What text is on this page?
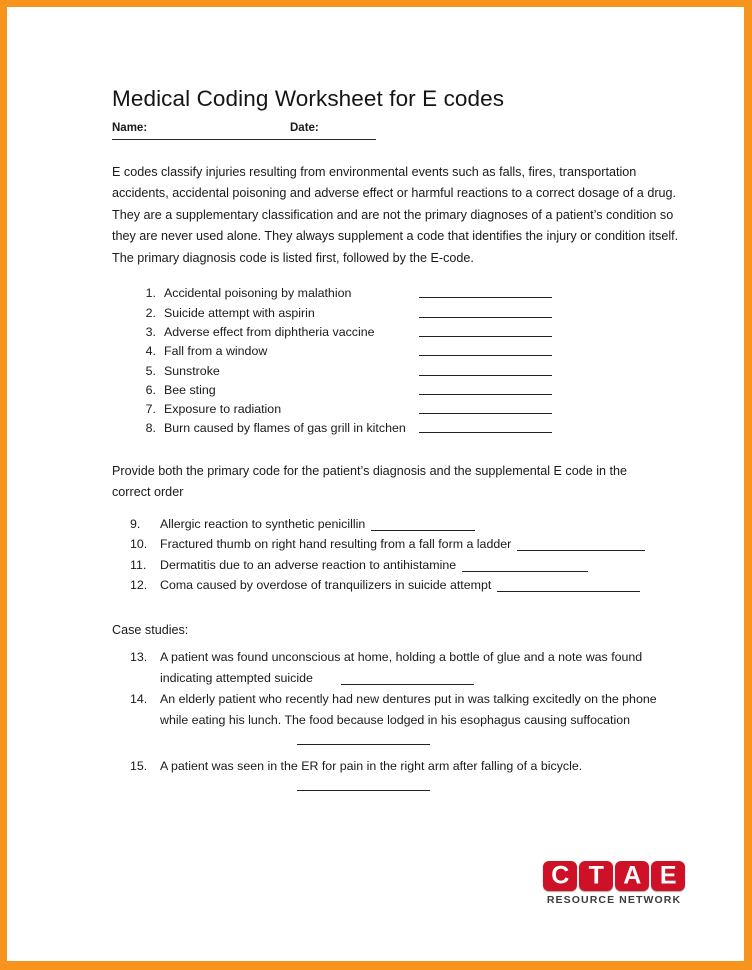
Medical Coding Worksheet for E codes
Name:	Date:

E codes classify injuries resulting from environmental events such as falls, fires, transportation accidents, accidental poisoning and adverse effect or harmful reactions to a correct dosage of a drug. They are a supplementary classification and are not the primary diagnoses of a patient’s condition so they are never used alone. They always supplement a code that identifies the injury or condition itself. The primary diagnosis code is listed first, followed by the E-code.

1. Accidental poisoning by malathion
2. Suicide attempt with aspirin
3. Adverse effect from diphtheria vaccine
4. Fall from a window
5. Sunstroke
6. Bee sting
7. Exposure to radiation
8. Burn caused by flames of gas grill in kitchen

Provide both the primary code for the patient’s diagnosis and the supplemental E code in the correct order

9.	Allergic reaction to synthetic penicillin
10.	Fractured thumb on right hand resulting from a fall form a ladder
11.	Dermatitis due to an adverse reaction to antihistamine
12.	Coma caused by overdose of tranquilizers in suicide attempt

Case studies:

13.	A patient was found unconscious at home, holding a bottle of glue and a note was found
indicating attempted suicide
14.	An elderly patient who recently had new dentures put in was talking excitedly on the phone
while eating his lunch. The food because lodged in his esophagus causing suffocation
15.	A patient was seen in the ER for pain in the right arm after falling of a bicycle.
C T A E
RESOURCE NETWORK
